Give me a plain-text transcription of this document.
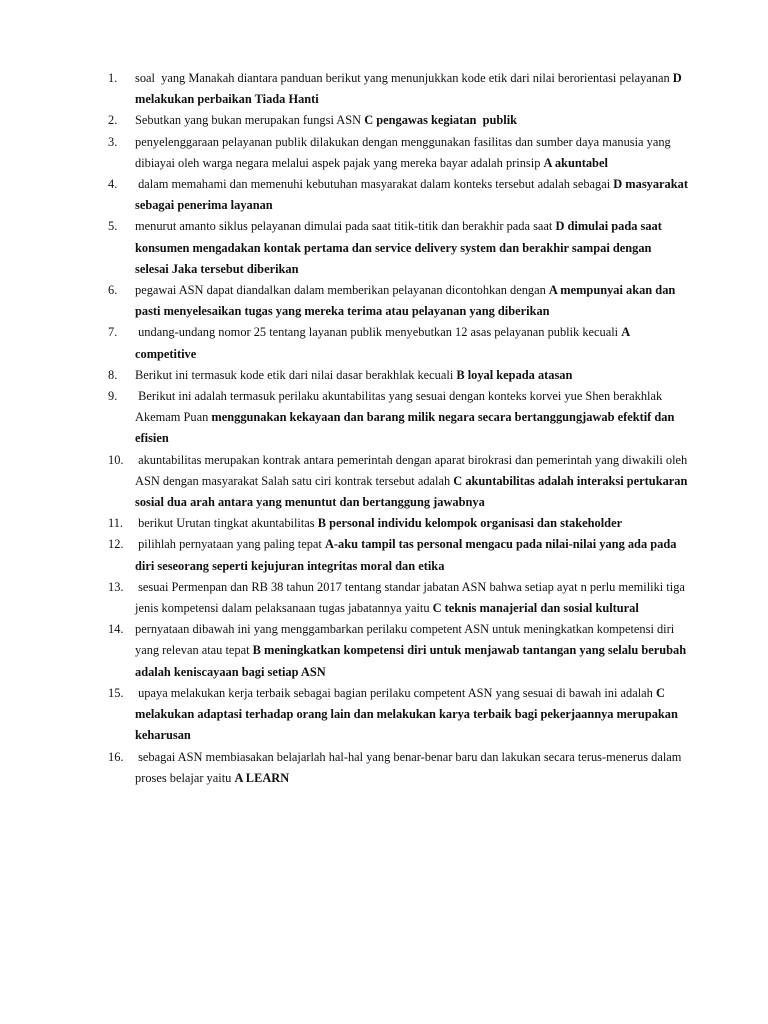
1.	soal  yang Manakah diantara panduan berikut yang menunjukkan kode etik dari nilai berorientasi pelayanan D melakukan perbaikan Tiada Hanti
2.	Sebutkan yang bukan merupakan fungsi ASN C pengawas kegiatan  publik
3.	penyelenggaraan pelayanan publik dilakukan dengan menggunakan fasilitas dan sumber daya manusia yang dibiayai oleh warga negara melalui aspek pajak yang mereka bayar adalah prinsip A akuntabel
4.	dalam memahami dan memenuhi kebutuhan masyarakat dalam konteks tersebut adalah sebagai D masyarakat sebagai penerima layanan
5.	menurut amanto siklus pelayanan dimulai pada saat titik-titik dan berakhir pada saat D dimulai pada saat konsumen mengadakan kontak pertama dan service delivery system dan berakhir sampai dengan selesai Jaka tersebut diberikan
6.	pegawai ASN dapat diandalkan dalam memberikan pelayanan dicontohkan dengan A mempunyai akan dan pasti menyelesaikan tugas yang mereka terima atau pelayanan yang diberikan
7.	undang-undang nomor 25 tentang layanan publik menyebutkan 12 asas pelayanan publik kecuali A competitive
8.	Berikut ini termasuk kode etik dari nilai dasar berakhlak kecuali B loyal kepada atasan
9.	Berikut ini adalah termasuk perilaku akuntabilitas yang sesuai dengan konteks korvei yue Shen berakhlak Akemam Puan menggunakan kekayaan dan barang milik negara secara bertanggungjawab efektif dan efisien
10. akuntabilitas merupakan kontrak antara pemerintah dengan aparat birokrasi dan pemerintah yang diwakili oleh ASN dengan masyarakat Salah satu ciri kontrak tersebut adalah C akuntabilitas adalah interaksi pertukaran sosial dua arah antara yang menuntut dan bertanggung jawabnya
11. berikut Urutan tingkat akuntabilitas B personal individu kelompok organisasi dan stakeholder
12. pilihlah pernyataan yang paling tepat A-aku tampil tas personal mengacu pada nilai-nilai yang ada pada diri seseorang seperti kejujuran integritas moral dan etika
13. sesuai Permenpan dan RB 38 tahun 2017 tentang standar jabatan ASN bahwa setiap ayat n perlu memiliki tiga jenis kompetensi dalam pelaksanaan tugas jabatannya yaitu C teknis manajerial dan sosial kultural
14. pernyataan dibawah ini yang menggambarkan perilaku competent ASN untuk meningkatkan kompetensi diri yang relevan atau tepat B meningkatkan kompetensi diri untuk menjawab tantangan yang selalu berubah adalah keniscayaan bagi setiap ASN
15. upaya melakukan kerja terbaik sebagai bagian perilaku competent ASN yang sesuai di bawah ini adalah C melakukan adaptasi terhadap orang lain dan melakukan karya terbaik bagi pekerjaannya merupakan keharusan
16. sebagai ASN membiasakan belajarlah hal-hal yang benar-benar baru dan lakukan secara terus-menerus dalam proses belajar yaitu A LEARN
